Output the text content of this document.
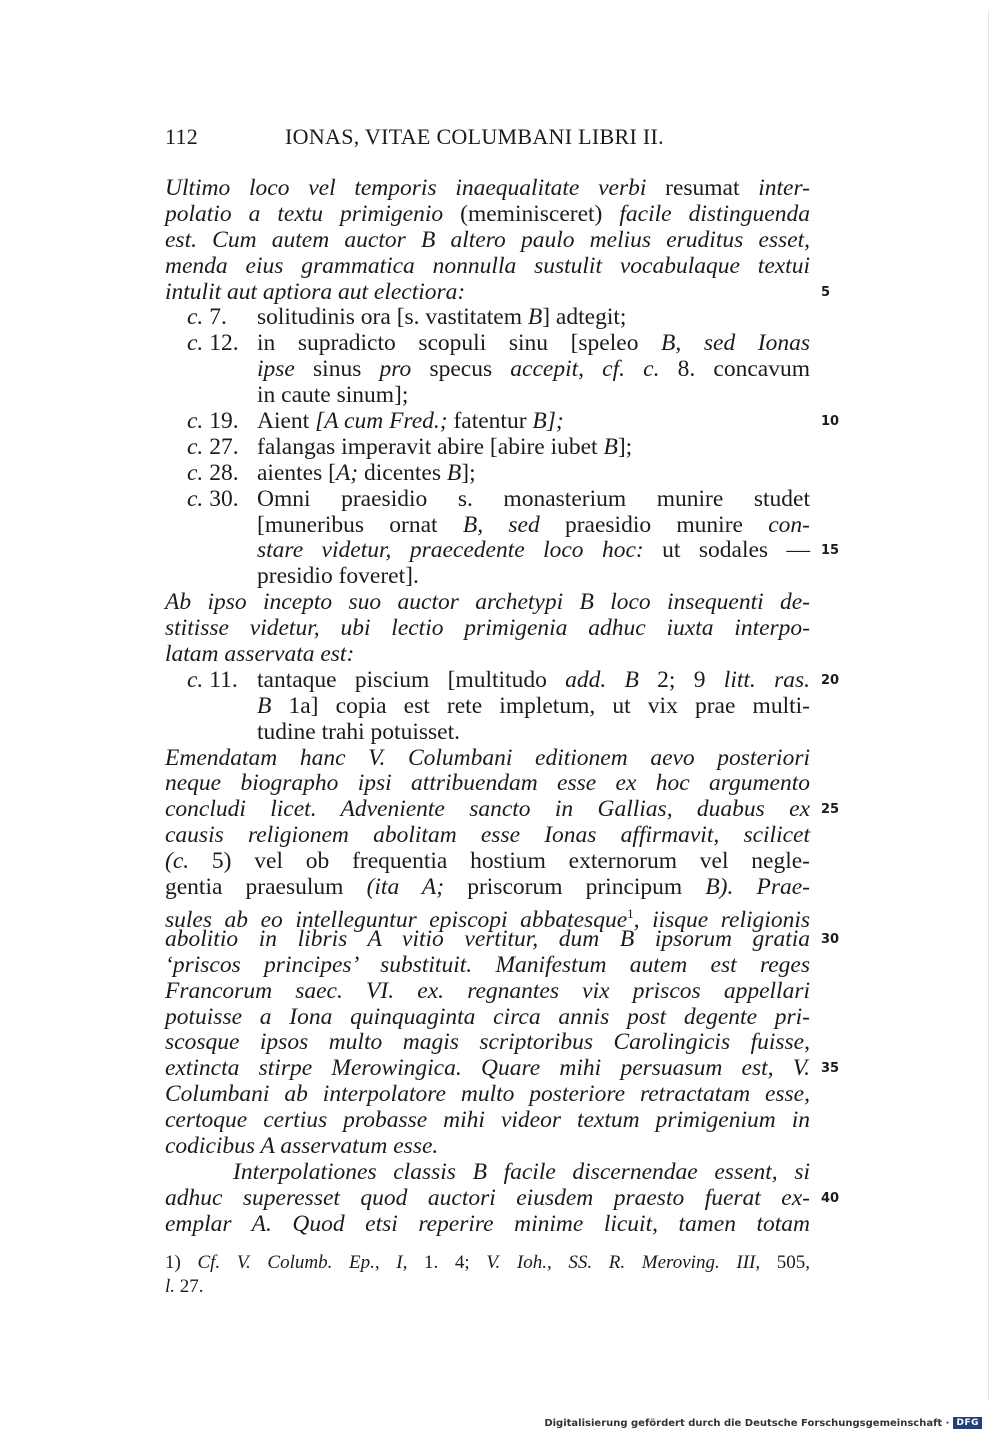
112	IONAS, VITAE COLUMBANI LIBRI II.
Ultimo loco vel temporis inaequalitate verbi resumat inter-
polatio a textu primigenio (meminisceret) facile distinguenda
est. Cum autem auctor B altero paulo melius eruditus esset,
menda eius grammatica nonnulla sustulit vocabulaque textui
intulit aut aptiora aut electiora:	5
c. 7. solitudinis ora [s. vastitatem B] adtegit;
c. 12. in supradicto scopuli sinu [speleo B, sed Ionas
ipse sinus pro specus accepit, cf. c. 8. concavum
in caute sinum];
c. 19. Aient [A cum Fred.; fatentur B];	10
c. 27. falangas imperavit abire [abire iubet B];
c. 28. aientes [A; dicentes B];
c. 30. Omni praesidio s. monasterium munire studet
[muneribus ornat B, sed praesidio munire con-
stare videtur, praecedente loco hoc: ut sodales — 15
presidio foveret].
Ab ipso incepto suo auctor archetypi B loco insequenti de-
stitisse videtur, ubi lectio primigenia adhuc iuxta interpo-
latam asservata est:
c. 11. tantaque piscium [multitudo add. B 2; 9 litt. ras. 20
B 1a] copia est rete impletum, ut vix prae multi-
tudine trahi potuisset.
Emendatam hanc V. Columbani editionem aevo posteriori
neque biographo ipsi attribuendam esse ex hoc argumento
concludi licet. Adveniente sancto in Gallias, duabus ex 25
causis religionem abolitam esse Ionas affirmavit, scilicet
(c. 5) vel ob frequentia hostium externorum vel negle-
gentia praesulum (ita A; priscorum principum B). Prae-
sules ab eo intelleguntur episcopi abbatesque$^1$, iisque religionis
abolitio in libris A vitio vertitur, dum B ipsorum gratia 30
‘priscos principes’ substituit. Manifestum autem est reges
Francorum saec. VI. ex. regnantes vix priscos appellari
potuisse a Iona quinquaginta circa annis post degente pri-
scosque ipsos multo magis scriptoribus Carolingicis fuisse,
extincta stirpe Merowingica. Quare mihi persuasum est, V. 35
Columbani ab interpolatore multo posteriore retractatam esse,
certoque certius probasse mihi videor textum primigenium in
codicibus A asservatum esse.
Interpolationes classis B facile discernendae essent, si
adhuc superesset quod auctori eiusdem praesto fuerat ex- 40
emplar A. Quod etsi reperire minime licuit, tamen totam
1) Cf. V. Columb. Ep., I, 1. 4; V. Ioh., SS. R. Meroving. III, 505,
l. 27.
Digitalisierung gefördert durch die Deutsche Forschungsgemeinschaft · DFG
